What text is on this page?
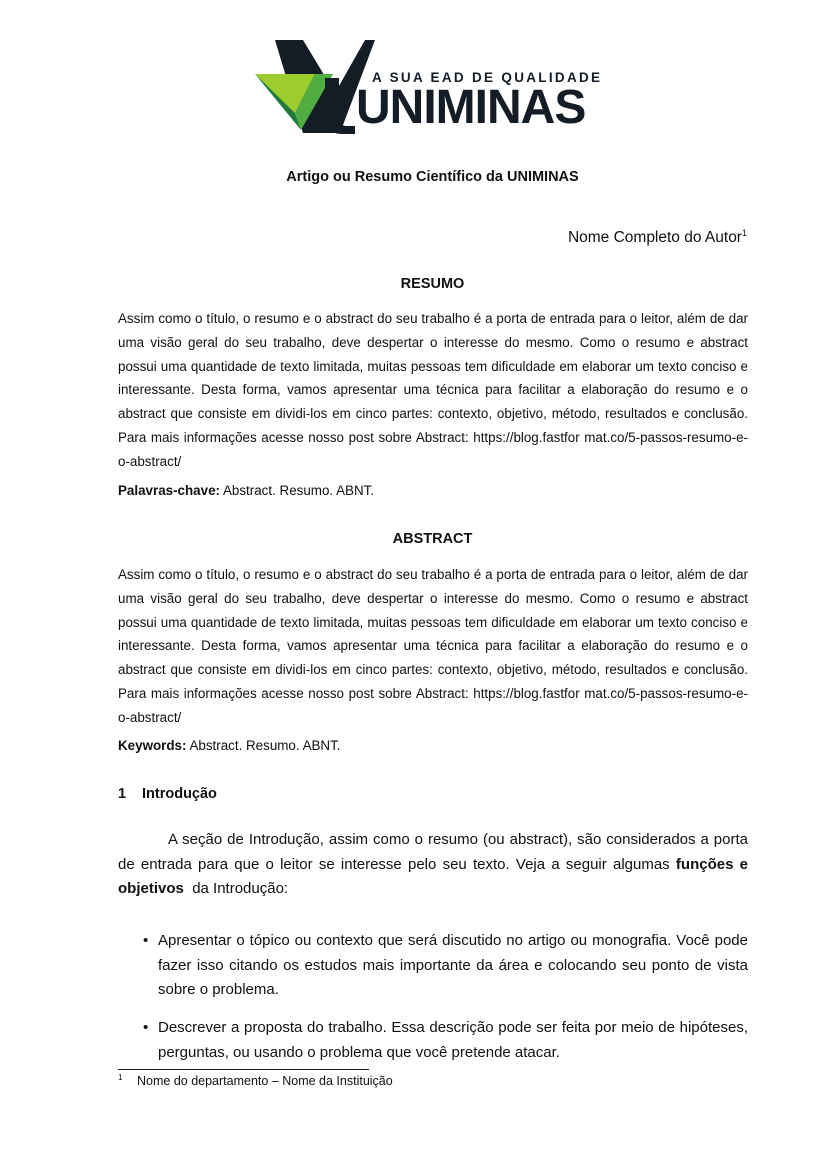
A SUA EAD DE QUALIDADE
UNIMINAS
Artigo ou Resumo Científico da UNIMINAS
Nome Completo do Autor$^1$
RESUMO
Assim como o título, o resumo e o abstract do seu trabalho é a porta de entrada para o leitor, além de dar uma visão geral do seu trabalho, deve despertar o interesse do mesmo. Como o resumo e abstract possui uma quantidade de texto limitada, muitas pessoas tem dificuldade em elaborar um texto conciso e interessante. Desta forma, vamos apresentar uma técnica para facilitar a elaboração do resumo e o abstract que consiste em dividi-los em cinco partes: contexto, objetivo, método, resultados e conclusão. Para mais informações acesse nosso post sobre Abstract: https://blog.fastfor mat.co/5-passos-resumo-e-o-abstract/
Palavras-chave: Abstract. Resumo. ABNT.
ABSTRACT
Assim como o título, o resumo e o abstract do seu trabalho é a porta de entrada para o leitor, além de dar uma visão geral do seu trabalho, deve despertar o interesse do mesmo. Como o resumo e abstract possui uma quantidade de texto limitada, muitas pessoas tem dificuldade em elaborar um texto conciso e interessante. Desta forma, vamos apresentar uma técnica para facilitar a elaboração do resumo e o abstract que consiste em dividi-los em cinco partes: contexto, objetivo, método, resultados e conclusão. Para mais informações acesse nosso post sobre Abstract: https://blog.fastfor mat.co/5-passos-resumo-e-o-abstract/
Keywords: Abstract. Resumo. ABNT.
1 Introdução
A seção de Introdução, assim como o resumo (ou abstract), são considerados a porta de entrada para que o leitor se interesse pelo seu texto. Veja a seguir algumas funções e objetivos  da Introdução:
• Apresentar o tópico ou contexto que será discutido no artigo ou monografia. Você pode fazer isso citando os estudos mais importante da área e colocando seu ponto de vista sobre o problema.
• Descrever a proposta do trabalho. Essa descrição pode ser feita por meio de hipóteses, perguntas, ou usando o problema que você pretende atacar.
1 Nome do departamento – Nome da Instituição
